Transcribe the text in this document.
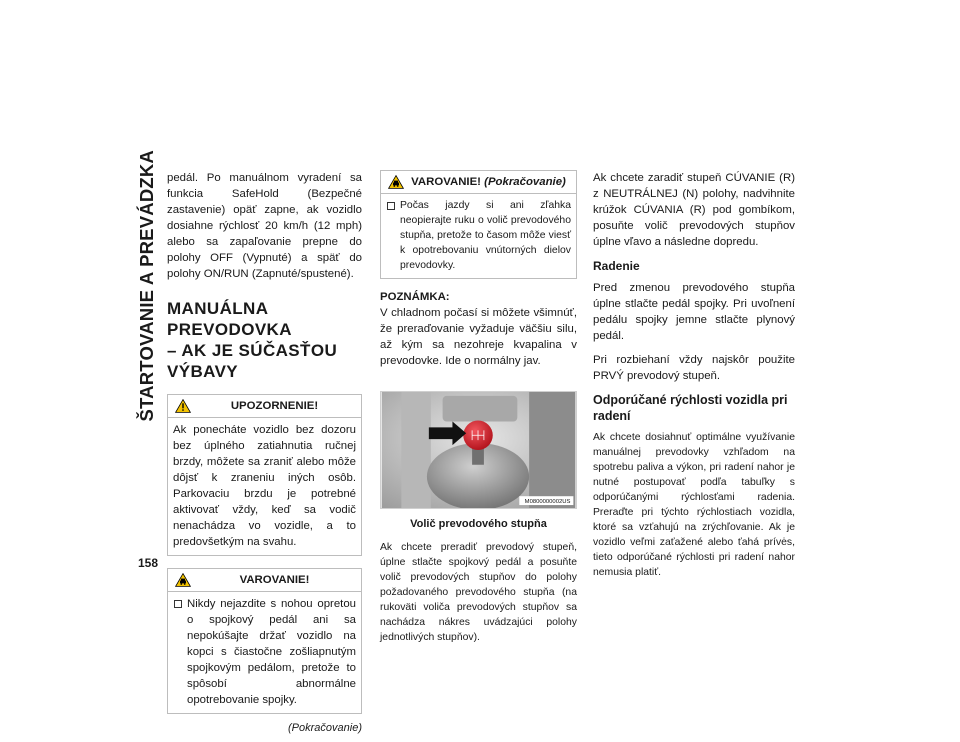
ŠTARTOVANIE A PREVÁDZKA
158

pedál. Po manuálnom vyradení sa funkcia SafeHold (Bezpečné zastavenie) opäť zapne, ak vozidlo dosiahne rýchlosť 20 km/h (12 mph) alebo sa zapaľovanie prepne do polohy OFF (Vypnuté) a späť do polohy ON/RUN (Zapnuté/spustené).

MANUÁLNA PREVODOVKA
– AK JE SÚČASŤOU VÝBAVY
UPOZORNENIE!

Ak ponecháte vozidlo bez dozoru bez úplného zatiahnutia ručnej brzdy, môžete sa zraniť alebo môže dôjsť k zraneniu iných osôb. Parkovaciu brzdu je potrebné aktivovať vždy, keď sa vodič nenachádza vo vozidle, a to predovšetkým na svahu.

VAROVANIE!
Nikdy nejazdite s nohou opretou o spojkový pedál ani sa nepokúšajte držať vozidlo na kopci s čiastočne zošliapnutým spojkovým pedálom, pretože to spôsobí abnormálne opotrebovanie spojky.
(Pokračovanie)
VAROVANIE! (Pokračovanie)
Počas jazdy si ani zľahka neopierajte ruku o volič prevodového stupňa, pretože to časom môže viesť k opotrebovaniu vnútorných dielov prevodovky.
POZNÁMKA:

V chladnom počasí si môžete všimnúť, že preraďovanie vyžaduje väčšiu silu, až kým sa nezohreje kvapalina v prevodovke. Ide o normálny jav.

M0800000002US
Volič prevodového stupňa

Ak chcete preradiť prevodový stupeň, úplne stlačte spojkový pedál a posuňte volič prevodových stupňov do polohy požadovaného prevodového stupňa (na rukoväti voliča prevodových stupňov sa nachádza nákres uvádzajúci polohy jednotlivých stupňov).

Ak chcete zaradiť stupeň CÚVANIE (R) z NEUTRÁLNEJ (N) polohy, nadvihnite krúžok CÚVANIA (R) pod gombíkom, posuňte volič prevodových stupňov úplne vľavo a následne dopredu.

Radenie

Pred zmenou prevodového stupňa úplne stlačte pedál spojky. Pri uvoľnení pedálu spojky jemne stlačte plynový pedál.

Pri rozbiehaní vždy najskôr použite PRVÝ prevodový stupeň.

Odporúčané rýchlosti vozidla pri radení

Ak chcete dosiahnuť optimálne využívanie manuálnej prevodovky vzhľadom na spotrebu paliva a výkon, pri radení nahor je nutné postupovať podľa tabuľky s odporúčanými rýchlosťami radenia. Preraďte pri týchto rýchlostiach vozidla, ktoré sa vzťahujú na zrýchľovanie. Ak je vozidlo veľmi zaťažené alebo ťahá prívės, tieto odporúčané rýchlosti pri radení nahor nemusia platiť.
